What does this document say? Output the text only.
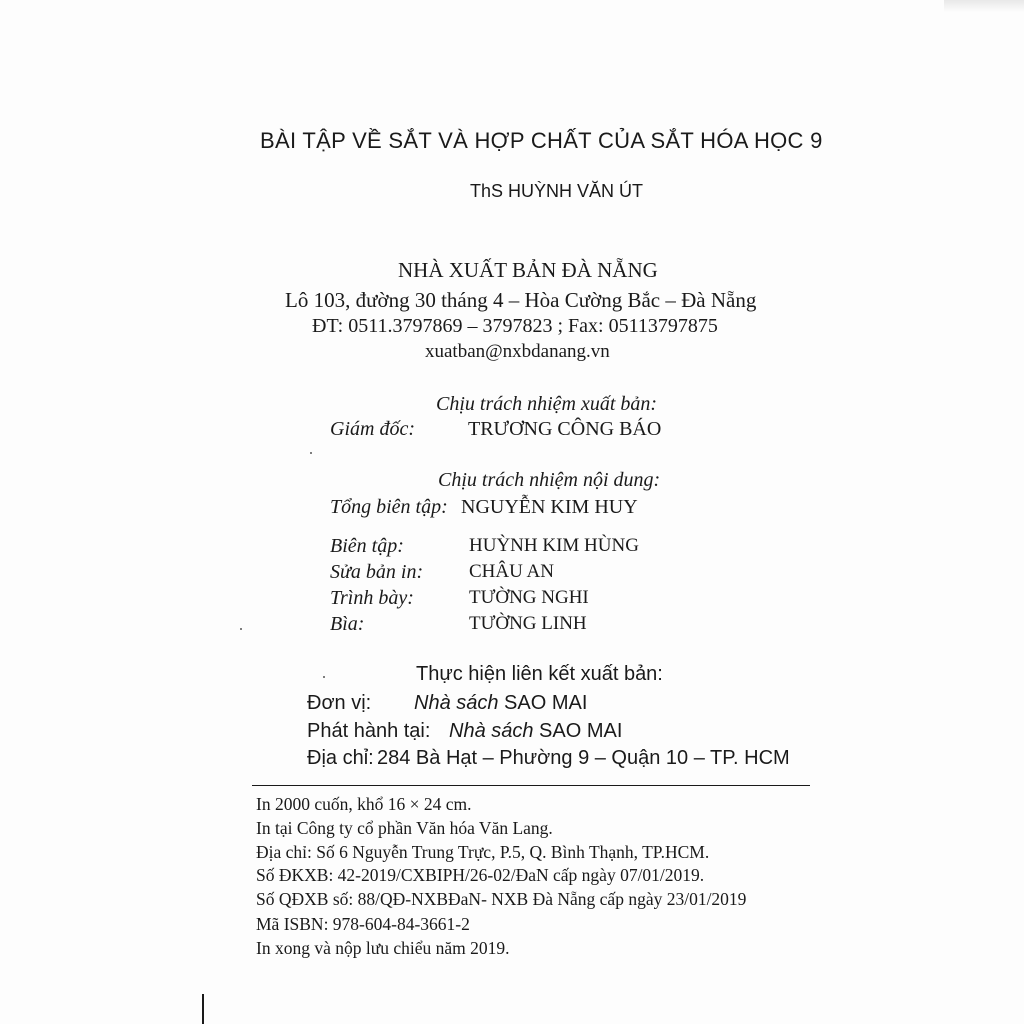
BÀI TẬP VỀ SẮT VÀ HỢP CHẤT CỦA SẮT HÓA HỌC 9
ThS HUỲNH VĂN ÚT
NHÀ XUẤT BẢN ĐÀ NẴNG
Lô 103, đường 30 tháng 4 – Hòa Cường Bắc – Đà Nẵng
ĐT: 0511.3797869 – 3797823 ; Fax: 05113797875
xuatban@nxbdanang.vn
Chịu trách nhiệm xuất bản:
Giám đốc:	TRƯƠNG CÔNG BÁO
Chịu trách nhiệm nội dung:
Tổng biên tập: NGUYỄN KIM HUY
Biên tập:	HUỲNH KIM HÙNG
Sửa bản in: CHÂU AN
Trình bày:	TƯỜNG NGHI
Bìa:	TƯỜNG LINH
Thực hiện liên kết xuất bản:
Đơn vị: Nhà sách SAO MAI
Phát hành tại: Nhà sách SAO MAI
Địa chỉ: 284 Bà Hạt – Phường 9 – Quận 10 – TP. HCM
In 2000 cuốn, khổ 16 × 24 cm.
In tại Công ty cổ phần Văn hóa Văn Lang.
Địa chỉ: Số 6 Nguyễn Trung Trực, P.5, Q. Bình Thạnh, TP.HCM.
Số ĐKXB: 42-2019/CXBIPH/26-02/ĐaN cấp ngày 07/01/2019.
Số QĐXB số: 88/QĐ-NXBĐaN- NXB Đà Nẵng cấp ngày 23/01/2019
Mã ISBN: 978-604-84-3661-2
In xong và nộp lưu chiểu năm 2019.
